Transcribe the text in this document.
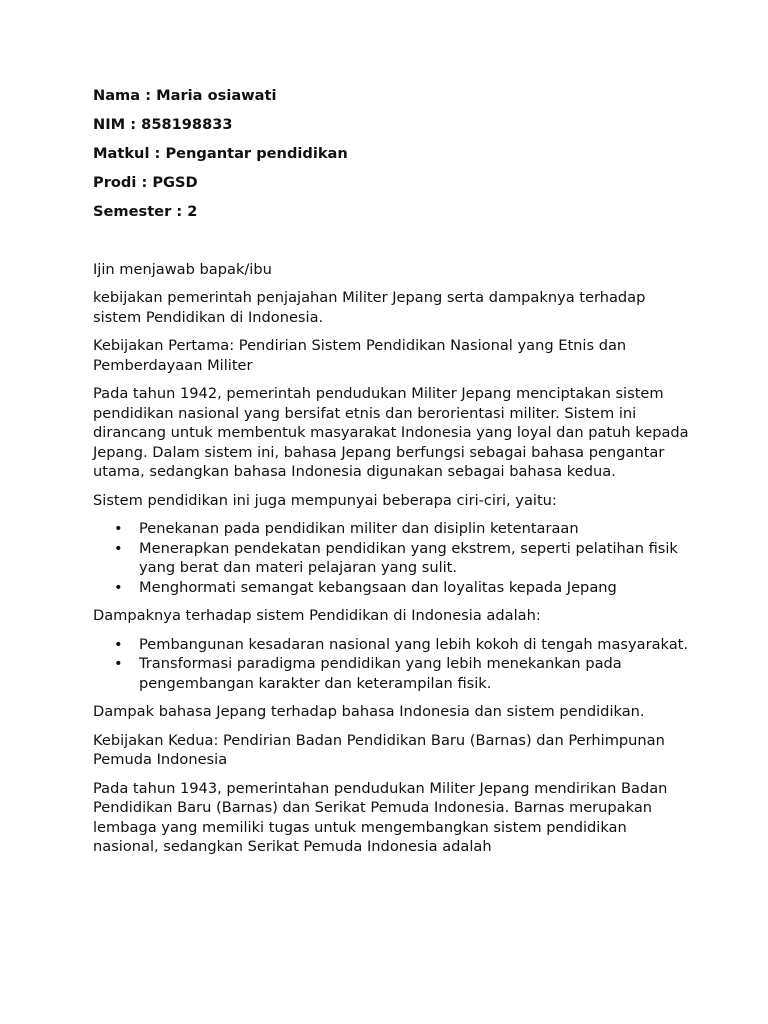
Nama : Maria osiawati
NIM : 858198833
Matkul : Pengantar pendidikan
Prodi : PGSD
Semester : 2

Ijin menjawab bapak/ibu

kebijakan pemerintah penjajahan Militer Jepang serta dampaknya terhadap sistem Pendidikan di Indonesia.

Kebijakan Pertama: Pendirian Sistem Pendidikan Nasional yang Etnis dan Pemberdayaan Militer

Pada tahun 1942, pemerintah pendudukan Militer Jepang menciptakan sistem pendidikan nasional yang bersifat etnis dan berorientasi militer. Sistem ini dirancang untuk membentuk masyarakat Indonesia yang loyal dan patuh kepada Jepang. Dalam sistem ini, bahasa Jepang berfungsi sebagai bahasa pengantar utama, sedangkan bahasa Indonesia digunakan sebagai bahasa kedua.

Sistem pendidikan ini juga mempunyai beberapa ciri-ciri, yaitu:

• Penekanan pada pendidikan militer dan disiplin ketentaraan
• Menerapkan pendekatan pendidikan yang ekstrem, seperti pelatihan fisik yang berat dan materi pelajaran yang sulit.
• Menghormati semangat kebangsaan dan loyalitas kepada Jepang

Dampaknya terhadap sistem Pendidikan di Indonesia adalah:

• Pembangunan kesadaran nasional yang lebih kokoh di tengah masyarakat.
• Transformasi paradigma pendidikan yang lebih menekankan pada pengembangan karakter dan keterampilan fisik.

Dampak bahasa Jepang terhadap bahasa Indonesia dan sistem pendidikan.

Kebijakan Kedua: Pendirian Badan Pendidikan Baru (Barnas) dan Perhimpunan Pemuda Indonesia

Pada tahun 1943, pemerintahan pendudukan Militer Jepang mendirikan Badan Pendidikan Baru (Barnas) dan Serikat Pemuda Indonesia. Barnas merupakan lembaga yang memiliki tugas untuk mengembangkan sistem pendidikan nasional, sedangkan Serikat Pemuda Indonesia adalah
